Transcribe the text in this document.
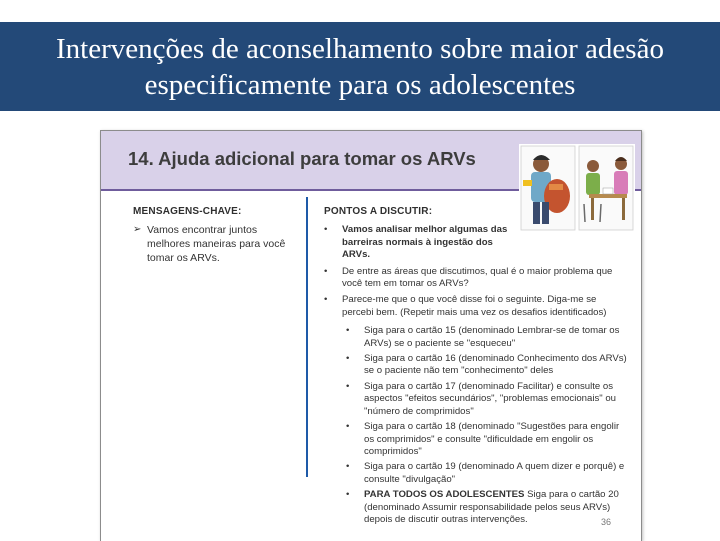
Intervenções de aconselhamento sobre maior adesão
especificamente para os adolescentes
14. Ajuda adicional para tomar os ARVs
MENSAGENS-CHAVE:
➢ Vamos encontrar juntos melhores maneiras para você tomar os ARVs.
PONTOS A DISCUTIR:
•	Vamos analisar melhor algumas das barreiras normais à ingestão dos ARVs.
•	De entre as áreas que discutimos, qual é o maior problema que você tem em tomar os ARVs?
•	Parece-me que o que você disse foi o seguinte. Diga-me se percebi bem. (Repetir mais uma vez os desafios identificados)
•	Siga para o cartão 15 (denominado Lembrar-se de tomar os ARVs) se o paciente se "esqueceu"
•	Siga para o cartão 16 (denominado Conhecimento dos ARVs) se o paciente não tem "conhecimento" deles
•	Siga para o cartão 17 (denominado Facilitar) e consulte os aspectos "efeitos secundários", "problemas emocionais" ou "número de comprimidos"
•	Siga para o cartão 18 (denominado "Sugestões para engolir os comprimidos" e consulte "dificuldade em engolir os comprimidos"
•	Siga para o cartão 19 (denominado A quem dizer e porquê) e consulte "divulgação"
•	PARA TODOS OS ADOLESCENTES Siga para o cartão 20 (denominado Assumir responsabilidade pelos seus ARVs) depois de discutir outras intervenções.	36
